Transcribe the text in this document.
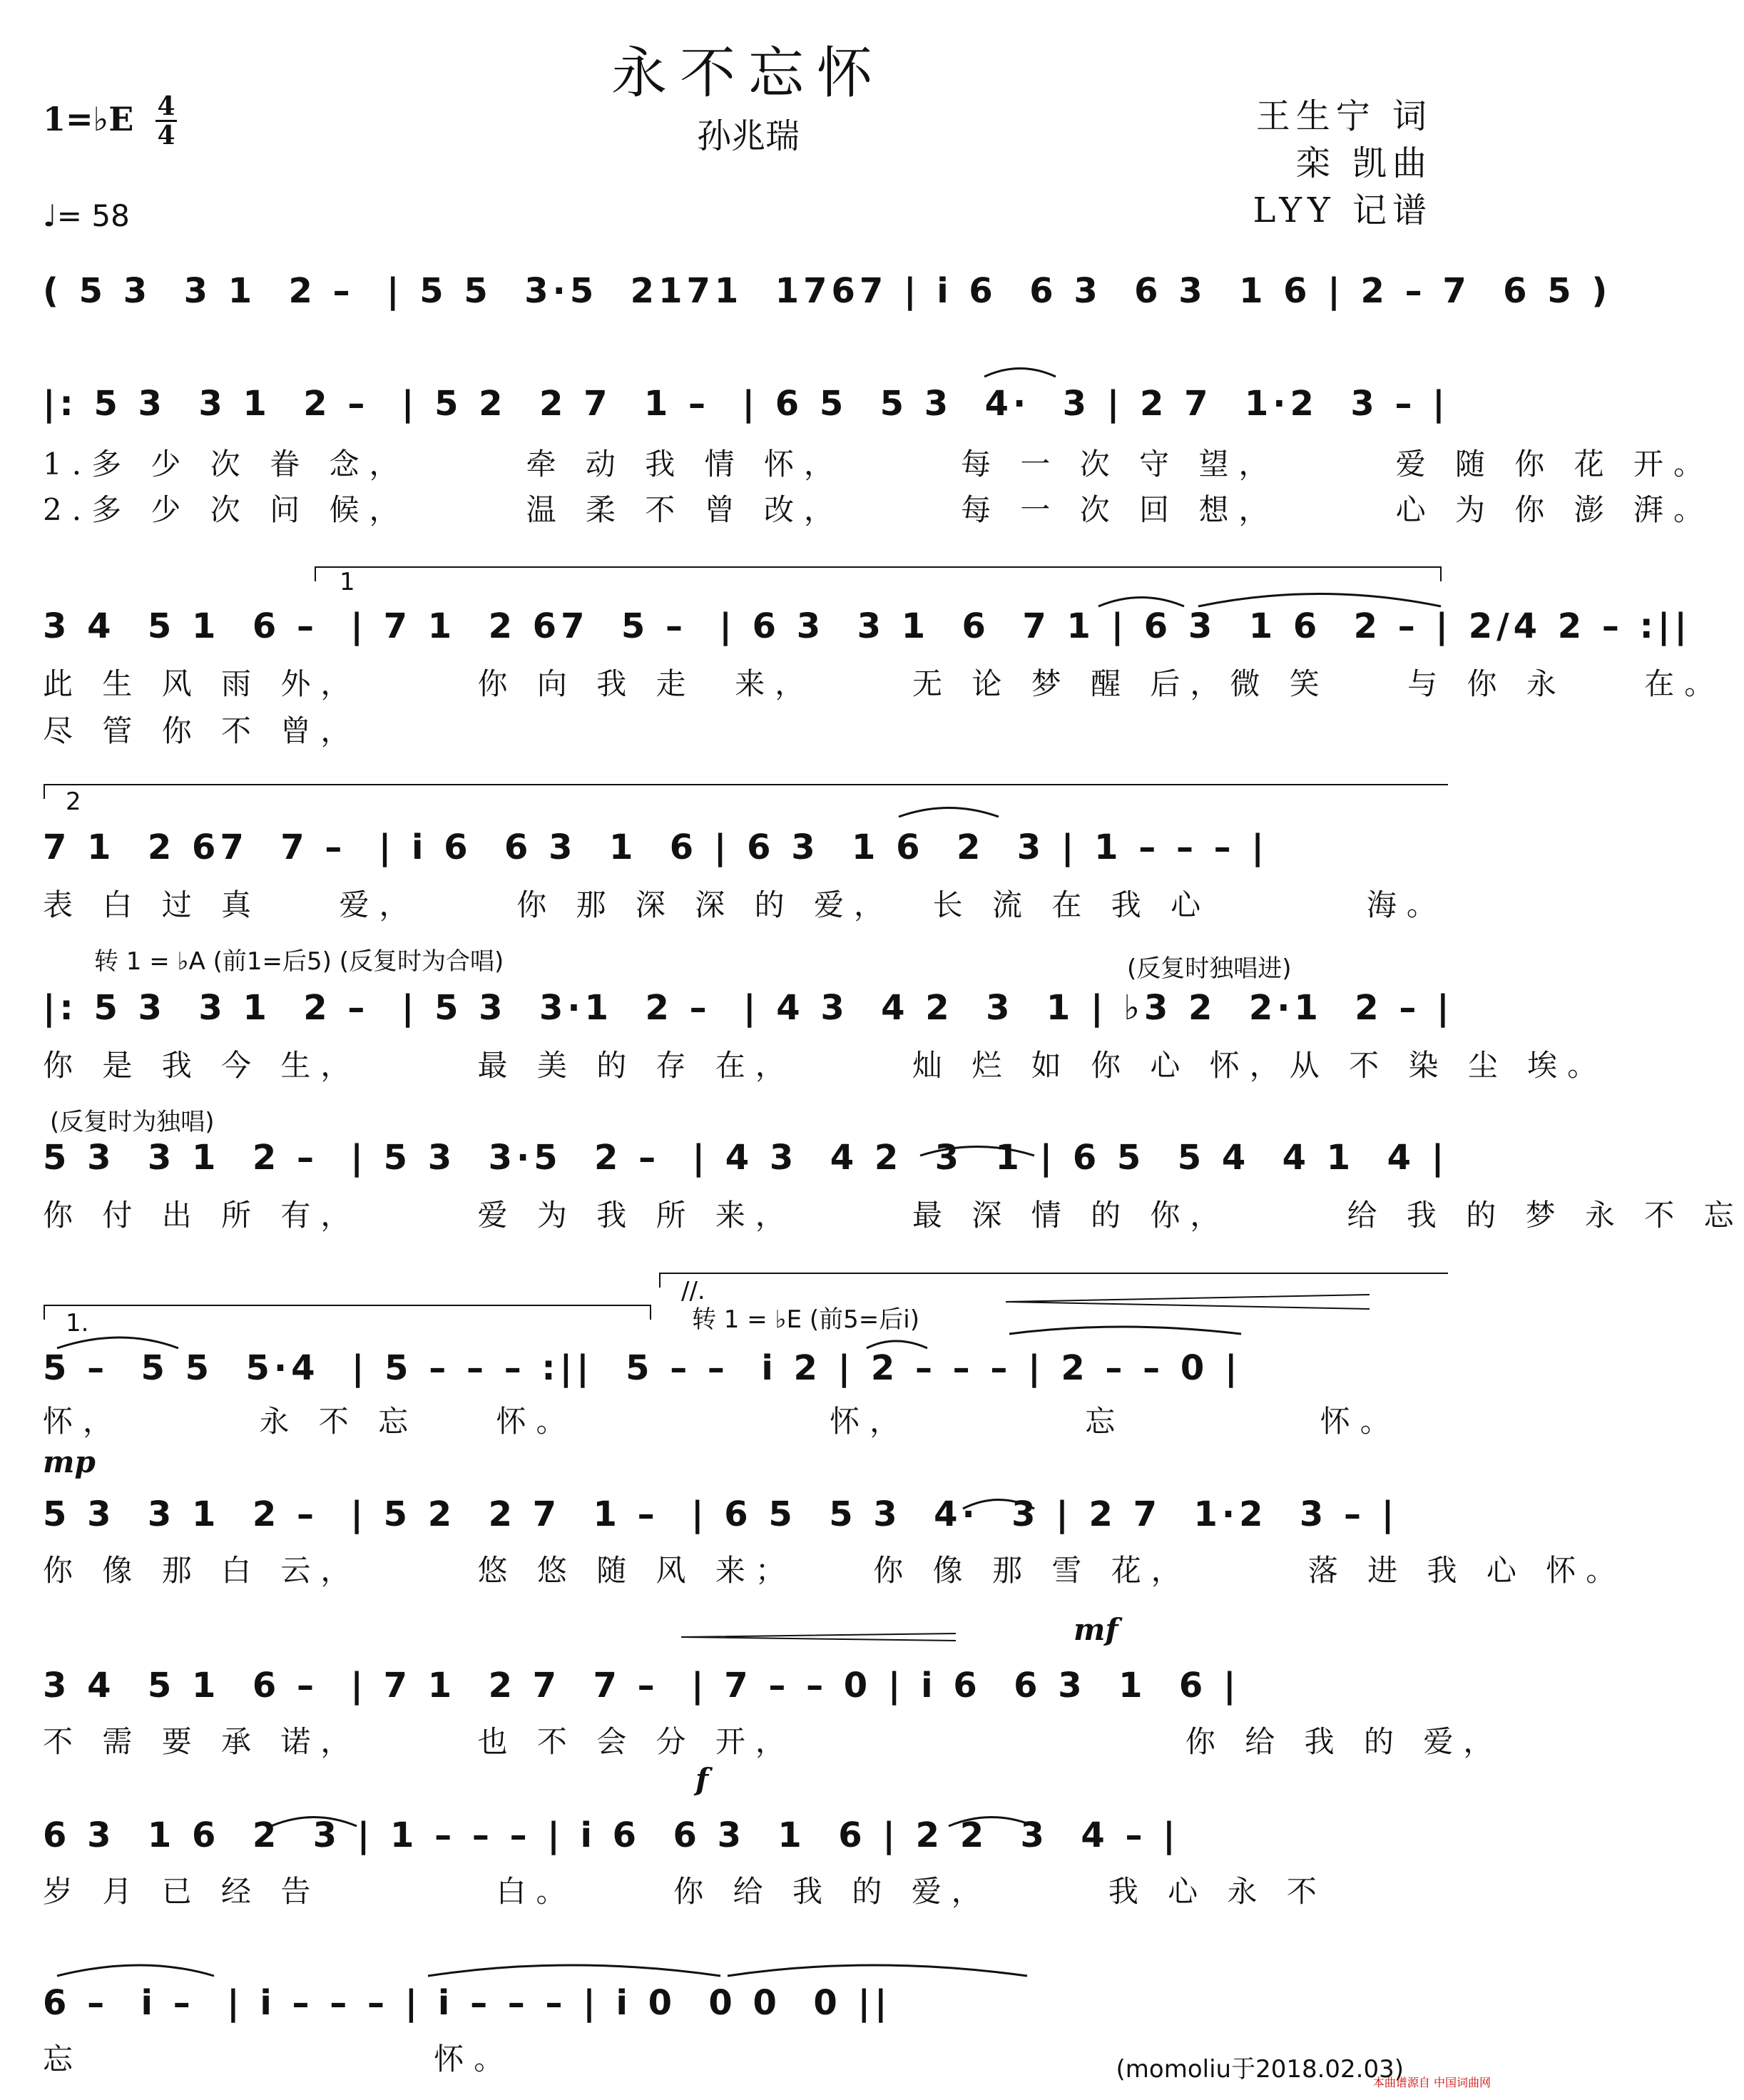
永不忘怀
孙兆瑞
1=♭E 4
4
♩= 58
王生宁 词
栾 凯曲
LYY 记谱
( 5 3  3 1  2 –  | 5 5  3·5  2171  1767 | i 6  6 3  6 3  1 6 | 2 – 7  6 5 )
|: 5 3  3 1  2 –  | 5 2  2 7  1 –  | 6 5  5 3  4·  3 | 2 7  1·2  3 – |
1.多 少 次 眷 念，      牵 动 我 情 怀，      每 一 次 守 望，      爱 随 你 花 开。
2.多 少 次 问 候，      温 柔 不 曾 改，      每 一 次 回 想，      心 为 你 澎 湃。
1
3 4  5 1  6 –  | 7 1  2 67  5 –  | 6 3  3 1  6  7 1 | 6 3  1 6  2 – | 2/4 2 – :||
此 生 风 雨 外，      你 向 我 走  来，     无 论 梦 醒 后，微 笑    与 你 永    在。
尽 管 你 不 曾，
2
7 1  2 67  7 –  | i 6  6 3  1  6 | 6 3  1 6  2  3 | 1 – – – |
表 白 过 真    爱，     你 那 深 深 的 爱，  长 流 在 我 心        海。
转 1 = ♭A (前1=后5) (反复时为合唱)	(反复时独唱进)
|: 5 3  3 1  2 –  | 5 3  3·1  2 –  | 4 3  4 2  3  1 | ♭3 2  2·1  2 – |
你 是 我 今 生，      最 美 的 存 在，      灿 烂 如 你 心 怀，从 不 染 尘 埃。
(反复时为独唱)
5 3  3 1  2 –  | 5 3  3·5  2 –  | 4 3  4 2  3  1 | 6 5  5 4  4 1  4 |
你 付 出 所 有，      爱 为 我 所 来，      最 深 情 的 你，      给 我 的 梦 永 不 忘
1.
//.
转 1 = ♭E (前5=后i)
5 –  5 5  5·4  | 5 – – – :||  5 – –  i 2 | 2 – – – | 2 – – 0 |
怀，       永 不 忘    怀。             怀，         忘          怀。
mp
5 3  3 1  2 –  | 5 2  2 7  1 –  | 6 5  5 3  4·  3 | 2 7  1·2  3 – |
你 像 那 白 云，      悠 悠 随 风 来；    你 像 那 雪 花，      落 进 我 心 怀。
mf
3 4  5 1  6 –  | 7 1  2 7  7 –  | 7 – – 0 | i 6  6 3  1  6 |
不 需 要 承 诺，      也 不 会 分 开，                    你 给 我 的 爱，
f
6 3  1 6  2  3 | 1 – – – | i 6  6 3  1  6 | 2 2  3  4 – |
岁 月 已 经 告         白。     你 给 我 的 爱，      我 心 永 不
6 –  i –  | i – – – | i – – – | i 0  0 0  0 ||
忘                  怀。	(momoliu于2018.02.03)
本曲谱源自 中国词曲网
